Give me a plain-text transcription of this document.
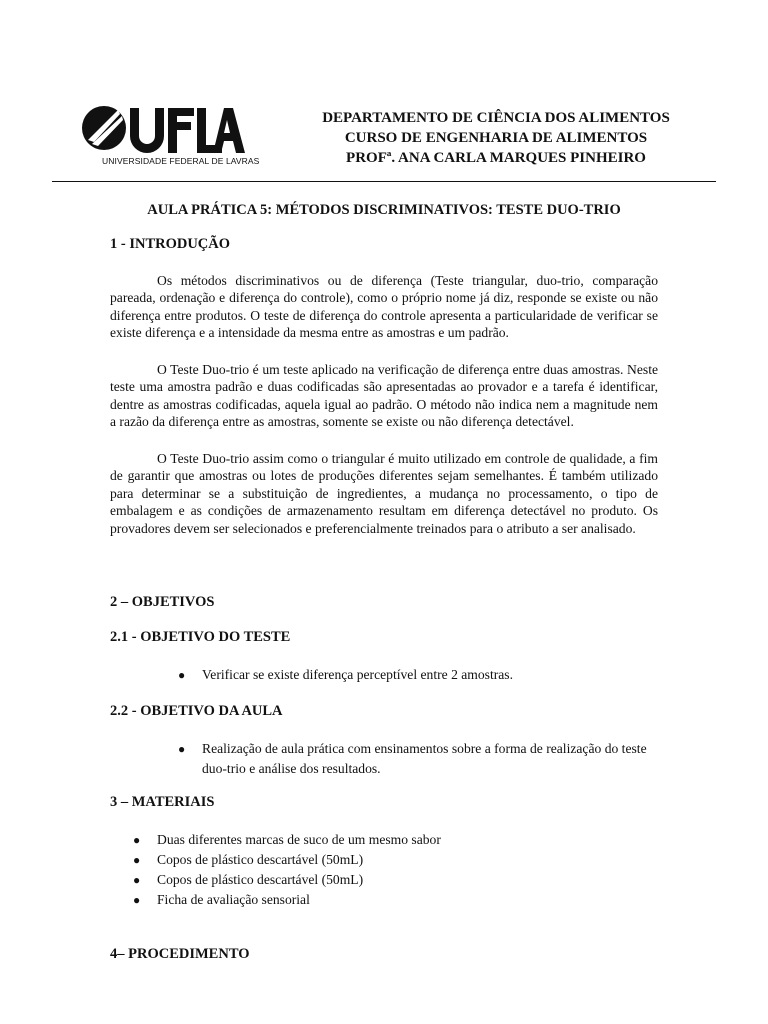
UNIVERSIDADE FEDERAL DE LAVRAS
DEPARTAMENTO DE CIÊNCIA DOS ALIMENTOS
CURSO DE ENGENHARIA DE ALIMENTOS
PROFª. ANA CARLA MARQUES PINHEIRO
AULA PRÁTICA 5: MÉTODOS DISCRIMINATIVOS: TESTE DUO-TRIO
1 - INTRODUÇÃO

Os métodos discriminativos ou de diferença (Teste triangular, duo-trio, comparação pareada, ordenação e diferença do controle), como o próprio nome já diz, responde se existe ou não diferença entre produtos. O teste de diferença do controle apresenta a particularidade de verificar se existe diferença e a intensidade da mesma entre as amostras e um padrão.

O Teste Duo-trio é um teste aplicado na verificação de diferença entre duas amostras. Neste teste uma amostra padrão e duas codificadas são apresentadas ao provador e a tarefa é identificar, dentre as amostras codificadas, aquela igual ao padrão. O método não indica nem a magnitude nem a razão da diferença entre as amostras, somente se existe ou não diferença detectável.

O Teste Duo-trio assim como o triangular é muito utilizado em controle de qualidade, a fim de garantir que amostras ou lotes de produções diferentes sejam semelhantes. É também utilizado para determinar se a substituição de ingredientes, a mudança no processamento, o tipo de embalagem e as condições de armazenamento resultam em diferença detectável no produto. Os provadores devem ser selecionados e preferencialmente treinados para o atributo a ser analisado.

2 – OBJETIVOS
2.1 - OBJETIVO DO TESTE
● Verificar se existe diferença perceptível entre 2 amostras.
2.2 - OBJETIVO DA AULA
● Realização de aula prática com ensinamentos sobre a forma de realização do teste duo-trio e análise dos resultados.
3 – MATERIAIS
● Duas diferentes marcas de suco de um mesmo sabor
● Copos de plástico descartável (50mL)
● Copos de plástico descartável (50mL)
● Ficha de avaliação sensorial
4– PROCEDIMENTO
